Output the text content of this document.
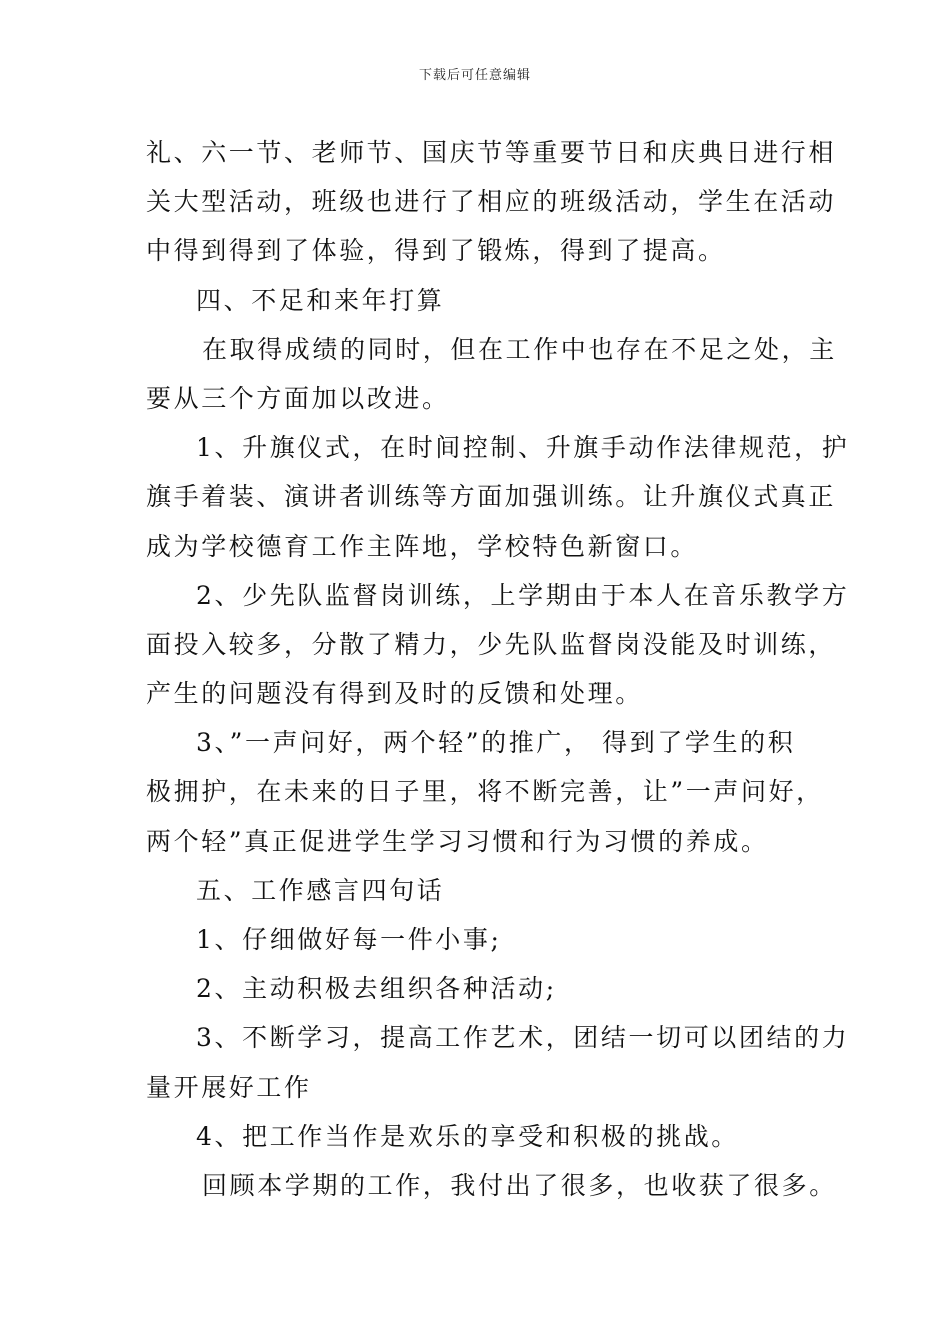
下载后可任意编辑
礼、六一节、老师节、国庆节等重要节日和庆典日进行相
关大型活动，班级也进行了相应的班级活动，学生在活动
中得到得到了体验，得到了锻炼，得到了提高。
四、不足和来年打算
在取得成绩的同时，但在工作中也存在不足之处，主
要从三个方面加以改进。
1、升旗仪式，在时间控制、升旗手动作法律规范，护
旗手着装、演讲者训练等方面加强训练。让升旗仪式真正
成为学校德育工作主阵地，学校特色新窗口。
2、少先队监督岗训练，上学期由于本人在音乐教学方
面投入较多，分散了精力，少先队监督岗没能及时训练，
产生的问题没有得到及时的反馈和处理。
3、”一声问好，两个轻”的推广， 得到了学生的积
极拥护，在未来的日子里，将不断完善，让”一声问好，
两个轻”真正促进学生学习习惯和行为习惯的养成。
五、工作感言四句话
1、仔细做好每一件小事;
2、主动积极去组织各种活动;
3、不断学习，提高工作艺术，团结一切可以团结的力
量开展好工作
4、把工作当作是欢乐的享受和积极的挑战。
回顾本学期的工作，我付出了很多，也收获了很多。
